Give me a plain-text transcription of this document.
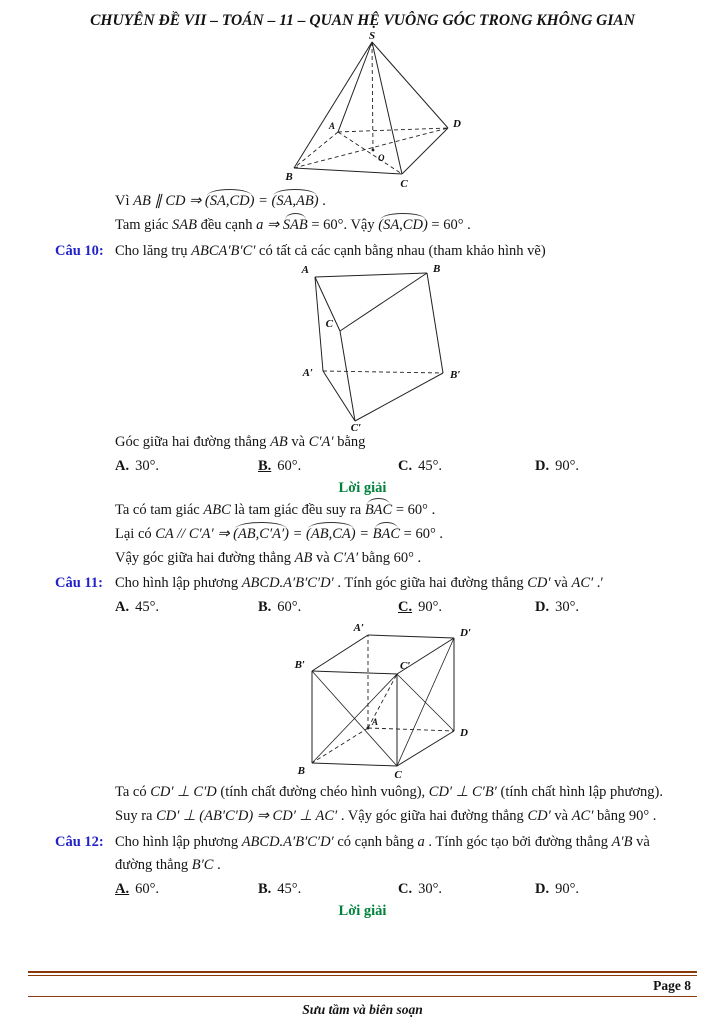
CHUYÊN ĐỀ VII – TOÁN – 11 – QUAN HỆ VUÔNG GÓC TRONG KHÔNG GIAN
S
A
B
C
D
O

Vì AB ∥ CD ⇒ (SA,CD) = (SA,AB) .

Tam giác SAB đều cạnh a ⇒ SAB = 60°. Vậy (SA,CD) = 60° .

Câu 10: Cho lăng trụ ABCA′B′C′ có tất cả các cạnh bằng nhau (tham khảo hình vẽ)
A	B
C
A′	B′
C′

Góc giữa hai đường thẳng AB và C′A′ bằng

A. 30°.	B. 60°.	C. 45°.	D. 90°.

Lời giải

Ta có tam giác ABC là tam giác đều suy ra BAC = 60° .

Lại có CA // C′A′ ⇒ (AB,C′A′) = (AB,CA) = BAC = 60° .

Vậy góc giữa hai đường thẳng AB và C′A′ bằng 60° .

Câu 11: Cho hình lập phương ABCD.A′B′C′D′ . Tính góc giữa hai đường thẳng CD′ và AC′ .′
A. 45°.	B. 60°.	C. 90°.	D. 30°.
A′	D′
B′	C′
A
B	C
D

Ta có CD′ ⊥ C′D (tính chất đường chéo hình vuông), CD′ ⊥ C′B′ (tính chất hình lập phương).

Suy ra CD′ ⊥ (AB′C′D) ⇒ CD′ ⊥ AC′ . Vậy góc giữa hai đường thẳng CD′ và AC′ bằng 90° .

Câu 12: Cho hình lập phương ABCD.A′B′C′D′ có cạnh bằng a . Tính góc tạo bởi đường thẳng A′B và

đường thẳng B′C .

A. 60°.	B. 45°.	C. 30°.	D. 90°.

Lời giải

Page 8
Sưu tầm và biên soạn
